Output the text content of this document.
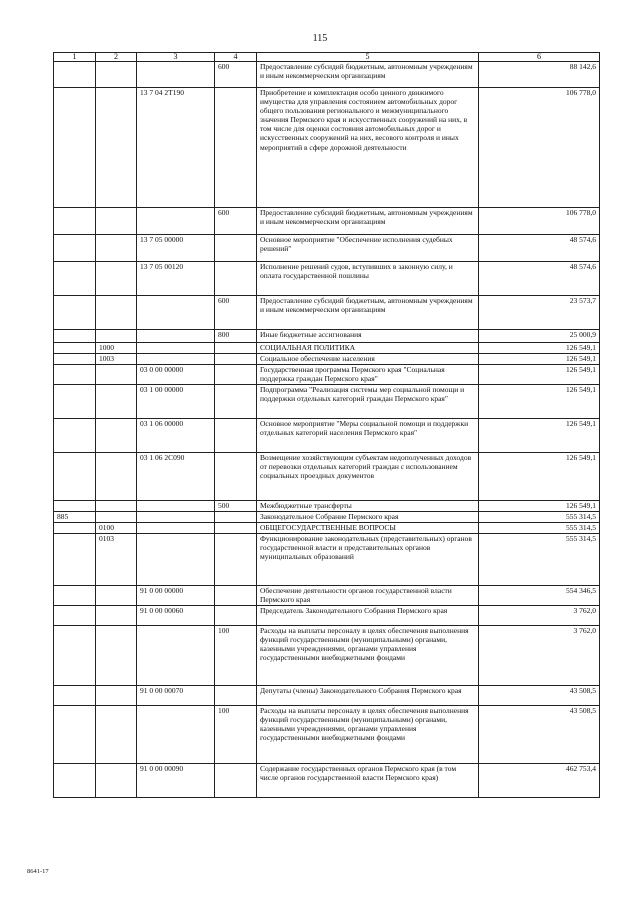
115
1	2	3	4	5	6
			600	Предоставление субсидий бюджетным, автономным учреждениям и иным некоммерческим организациям	88 142,6
		13 7 04 2Т190		Приобретение и комплектация особо ценного движимого имущества для управления состоянием автомобильных дорог общего пользования регионального и межмуниципального значения Пермского края и искусственных сооружений на них, в том числе для оценки состояния автомобильных дорог и искусственных сооружений на них, весового контроля и иных мероприятий в сфере дорожной деятельности	106 778,0
			600	Предоставление субсидий бюджетным, автономным учреждениям и иным некоммерческим организациям	106 778,0
		13 7 05 00000		Основное мероприятие "Обеспечение исполнения судебных решений"	48 574,6
		13 7 05 00120		Исполнение решений судов, вступивших в законную силу, и оплата государственной пошлины	48 574,6
			600	Предоставление субсидий бюджетным, автономным учреждениям и иным некоммерческим организациям	23 573,7
			800	Иные бюджетные ассигнования	25 000,9
	1000			СОЦИАЛЬНАЯ ПОЛИТИКА	126 549,1
	1003			Социальное обеспечение населения	126 549,1
		03 0 00 00000		Государственная программа Пермского края "Социальная поддержка граждан Пермского края"	126 549,1
		03 1 00 00000		Подпрограмма "Реализация системы мер социальной помощи и поддержки отдельных категорий граждан Пермского края"	126 549,1
		03 1 06 00000		Основное мероприятие "Меры социальной помощи и поддержки отдельных категорий населения Пермского края"	126 549,1
		03 1 06 2С090		Возмещение хозяйствующим субъектам недополученных доходов от перевозки отдельных категорий граждан с использованием социальных проездных документов	126 549,1
			500	Межбюджетные трансферты	126 549,1
885				Законодательное Собрание Пермского края	555 314,5
	0100			ОБЩЕГОСУДАРСТВЕННЫЕ ВОПРОСЫ	555 314,5
	0103			Функционирование законодательных (представительных) органов государственной власти и представительных органов муниципальных образований	555 314,5
		91 0 00 00000		Обеспечение деятельности органов государственной власти Пермского края	554 346,5
		91 0 00 00060		Председатель Законодательного Собрания Пермского края	3 762,0
			100	Расходы на выплаты персоналу в целях обеспечения выполнения функций государственными (муниципальными) органами, казенными учреждениями, органами управления государственными внебюджетными фондами	3 762,0
		91 0 00 00070		Депутаты (члены) Законодательного Собрания Пермского края	43 508,5
			100	Расходы на выплаты персоналу в целях обеспечения выполнения функций государственными (муниципальными) органами, казенными учреждениями, органами управления государственными внебюджетными фондами	43 508,5
		91 0 00 00090		Содержание государственных органов Пермского края (в том числе органов государственной власти Пермского края)	462 753,4
8641-17
